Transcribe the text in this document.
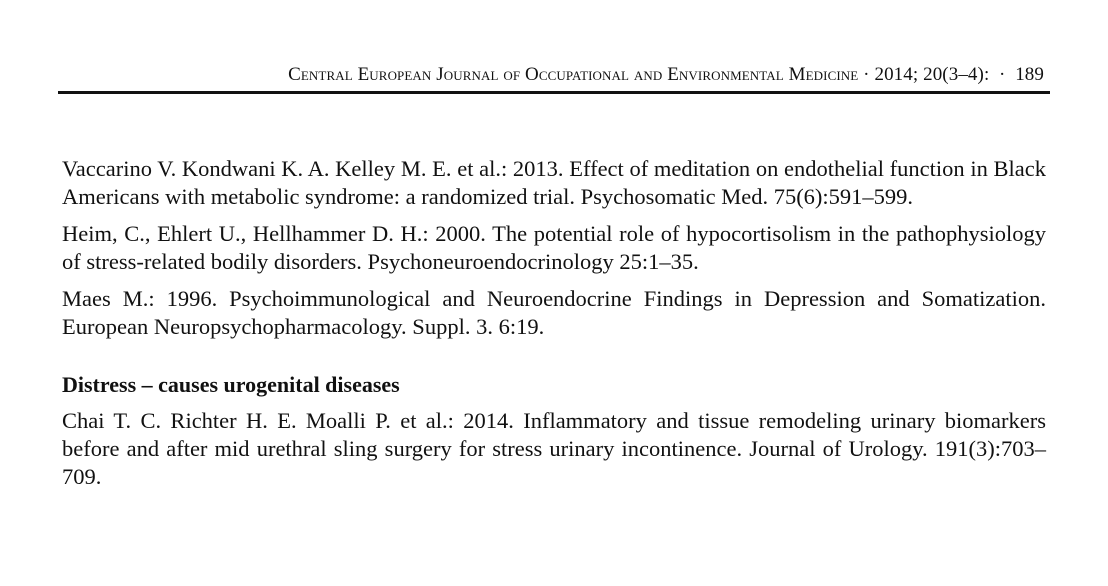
Central European Journal of Occupational and Environmental Medicine · 2014; 20(3–4): · 189

Vaccarino V. Kondwani K. A. Kelley M. E. et al.: 2013. Effect of meditation on endothelial function in Black Americans with metabolic syndrome: a randomized trial. Psychosomatic Med. 75(6):591–599.

Heim, C., Ehlert U., Hellhammer D. H.: 2000. The potential role of hypocortisolism in the pathophysiology of stress-related bodily disorders. Psychoneuroendocrinology 25:1–35.

Maes M.: 1996. Psychoimmunological and Neuroendocrine Findings in Depression and Somatization. European Neuropsychopharmacology. Suppl. 3. 6:19.

Distress – causes urogenital diseases

Chai T. C. Richter H. E. Moalli P. et al.: 2014. Inflammatory and tissue remodeling urinary biomarkers before and after mid urethral sling surgery for stress urinary incontinence. Journal of Urology. 191(3):703–709.
